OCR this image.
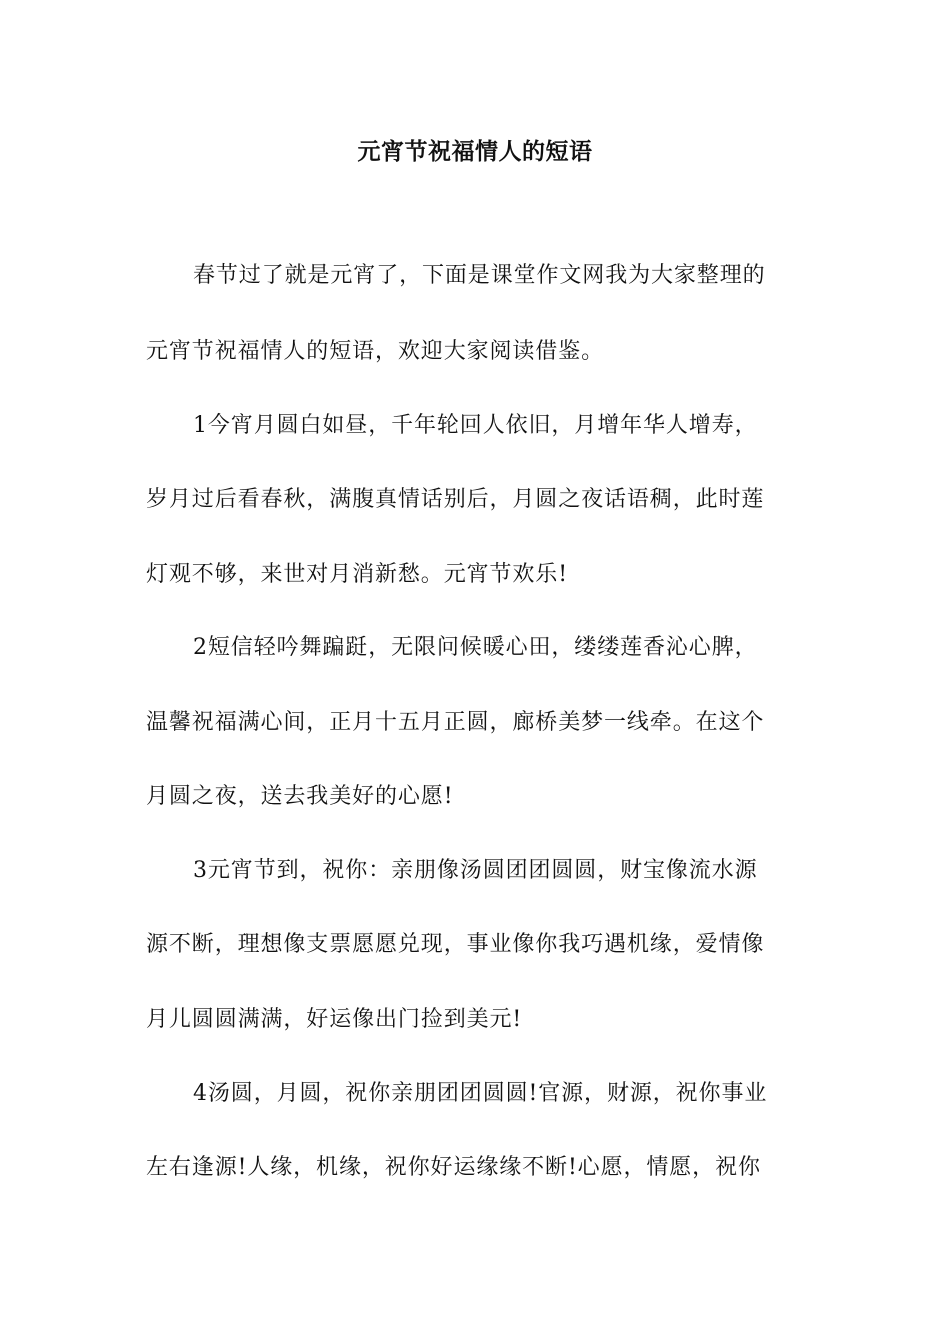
元宵节祝福情人的短语
春节过了就是元宵了，下面是课堂作文网我为大家整理的
元宵节祝福情人的短语，欢迎大家阅读借鉴。
1今宵月圆白如昼，千年轮回人依旧，月增年华人增寿，
岁月过后看春秋，满腹真情话别后，月圆之夜话语稠，此时莲
灯观不够，来世对月消新愁。元宵节欢乐!
2短信轻吟舞蹁跹，无限问候暖心田，缕缕莲香沁心脾，
温馨祝福满心间，正月十五月正圆，廊桥美梦一线牵。在这个
月圆之夜，送去我美好的心愿!
3元宵节到，祝你：亲朋像汤圆团团圆圆，财宝像流水源
源不断，理想像支票愿愿兑现，事业像你我巧遇机缘，爱情像
月儿圆圆满满，好运像出门捡到美元!
4汤圆，月圆，祝你亲朋团团圆圆!官源，财源，祝你事业
左右逢源!人缘，机缘，祝你好运缘缘不断!心愿，情愿，祝你
